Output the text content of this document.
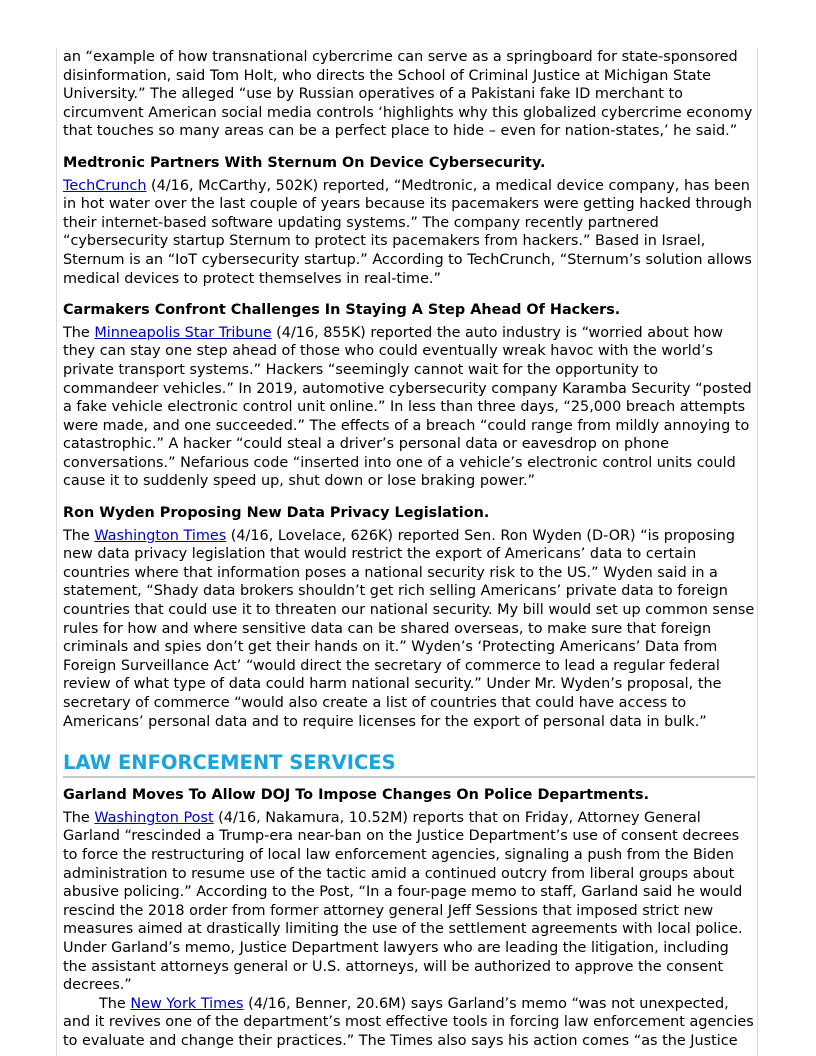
an “example of how transnational cybercrime can serve as a springboard for state-sponsored disinformation, said Tom Holt, who directs the School of Criminal Justice at Michigan State University.” The alleged “use by Russian operatives of a Pakistani fake ID merchant to circumvent American social media controls ‘highlights why this globalized cybercrime economy that touches so many areas can be a perfect place to hide – even for nation-states,’ he said.”

Medtronic Partners With Sternum On Device Cybersecurity.

TechCrunch (4/16, McCarthy, 502K) reported, “Medtronic, a medical device company, has been in hot water over the last couple of years because its pacemakers were getting hacked through their internet-based software updating systems.” The company recently partnered “cybersecurity startup Sternum to protect its pacemakers from hackers.” Based in Israel, Sternum is an “IoT cybersecurity startup.” According to TechCrunch, “Sternum’s solution allows medical devices to protect themselves in real-time.”

Carmakers Confront Challenges In Staying A Step Ahead Of Hackers.

The Minneapolis Star Tribune (4/16, 855K) reported the auto industry is “worried about how they can stay one step ahead of those who could eventually wreak havoc with the world’s private transport systems.” Hackers “seemingly cannot wait for the opportunity to commandeer vehicles.” In 2019, automotive cybersecurity company Karamba Security “posted a fake vehicle electronic control unit online.” In less than three days, “25,000 breach attempts were made, and one succeeded.” The effects of a breach “could range from mildly annoying to catastrophic.” A hacker “could steal a driver’s personal data or eavesdrop on phone conversations.” Nefarious code “inserted into one of a vehicle’s electronic control units could cause it to suddenly speed up, shut down or lose braking power.”

Ron Wyden Proposing New Data Privacy Legislation.

The Washington Times (4/16, Lovelace, 626K) reported Sen. Ron Wyden (D-OR) “is proposing new data privacy legislation that would restrict the export of Americans’ data to certain countries where that information poses a national security risk to the US.” Wyden said in a statement, “Shady data brokers shouldn’t get rich selling Americans’ private data to foreign countries that could use it to threaten our national security. My bill would set up common sense rules for how and where sensitive data can be shared overseas, to make sure that foreign criminals and spies don’t get their hands on it.” Wyden’s ‘Protecting Americans’ Data from Foreign Surveillance Act’ “would direct the secretary of commerce to lead a regular federal review of what type of data could harm national security.” Under Mr. Wyden’s proposal, the secretary of commerce “would also create a list of countries that could have access to Americans’ personal data and to require licenses for the export of personal data in bulk.”

LAW ENFORCEMENT SERVICES
Garland Moves To Allow DOJ To Impose Changes On Police Departments.

The Washington Post (4/16, Nakamura, 10.52M) reports that on Friday, Attorney General Garland “rescinded a Trump-era near-ban on the Justice Department’s use of consent decrees to force the restructuring of local law enforcement agencies, signaling a push from the Biden administration to resume use of the tactic amid a continued outcry from liberal groups about abusive policing.” According to the Post, “In a four-page memo to staff, Garland said he would rescind the 2018 order from former attorney general Jeff Sessions that imposed strict new measures aimed at drastically limiting the use of the settlement agreements with local police. Under Garland’s memo, Justice Department lawyers who are leading the litigation, including the assistant attorneys general or U.S. attorneys, will be authorized to approve the consent decrees.”

The New York Times (4/16, Benner, 20.6M) says Garland’s memo “was not unexpected, and it revives one of the department’s most effective tools in forcing law enforcement agencies to evaluate and change their practices.” The Times also says his action comes “as the Justice
